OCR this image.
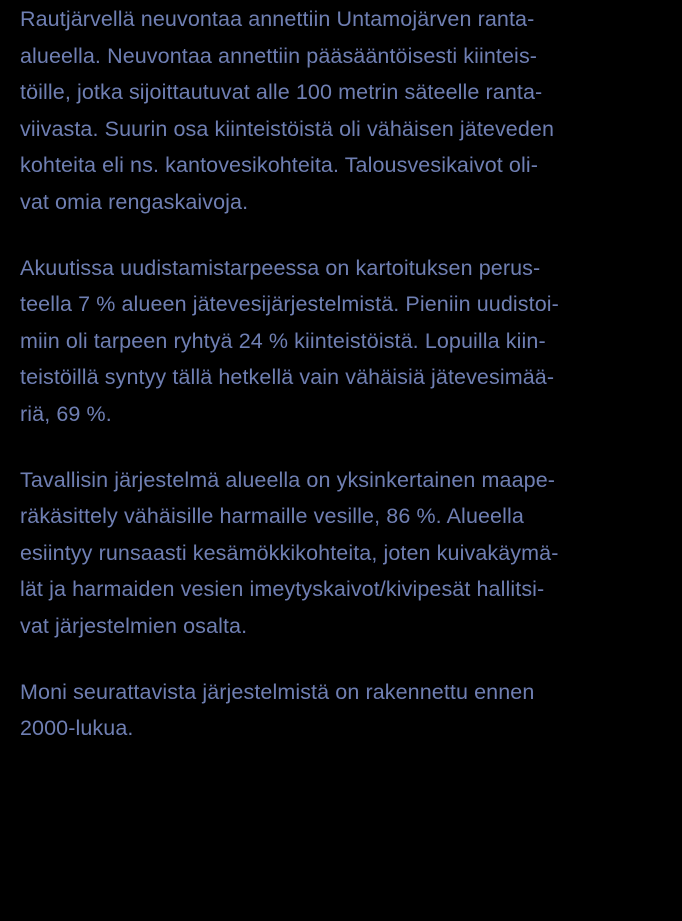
Rautjärvellä neuvontaa annettiin Untamojärven ranta-
alueella. Neuvontaa annettiin pääsääntöisesti kiinteis-
töille, jotka sijoittautuvat alle 100 metrin säteelle ranta-
viivasta. Suurin osa kiinteistöistä oli vähäisen jäteveden
kohteita eli ns. kantovesikohteita. Talousvesikaivot oli-
vat omia rengaskaivoja.

Akuutissa uudistamistarpeessa on kartoituksen perus-
teella 7 % alueen jätevesijärjestelmistä. Pieniin uudistoi-
miin oli tarpeen ryhtyä 24 % kiinteistöistä. Lopuilla kiin-
teistöillä syntyy tällä hetkellä vain vähäisiä jätevesimää-
riä, 69 %.

Tavallisin järjestelmä alueella on yksinkertainen maape-
räkäsittely vähäisille harmaille vesille, 86 %. Alueella
esiintyy runsaasti kesämökkikohteita, joten kuivakäymä-
lät ja harmaiden vesien imeytyskaivot/kivipesät hallitsi-
vat järjestelmien osalta.

Moni seurattavista järjestelmistä on rakennettu ennen
2000-lukua.
